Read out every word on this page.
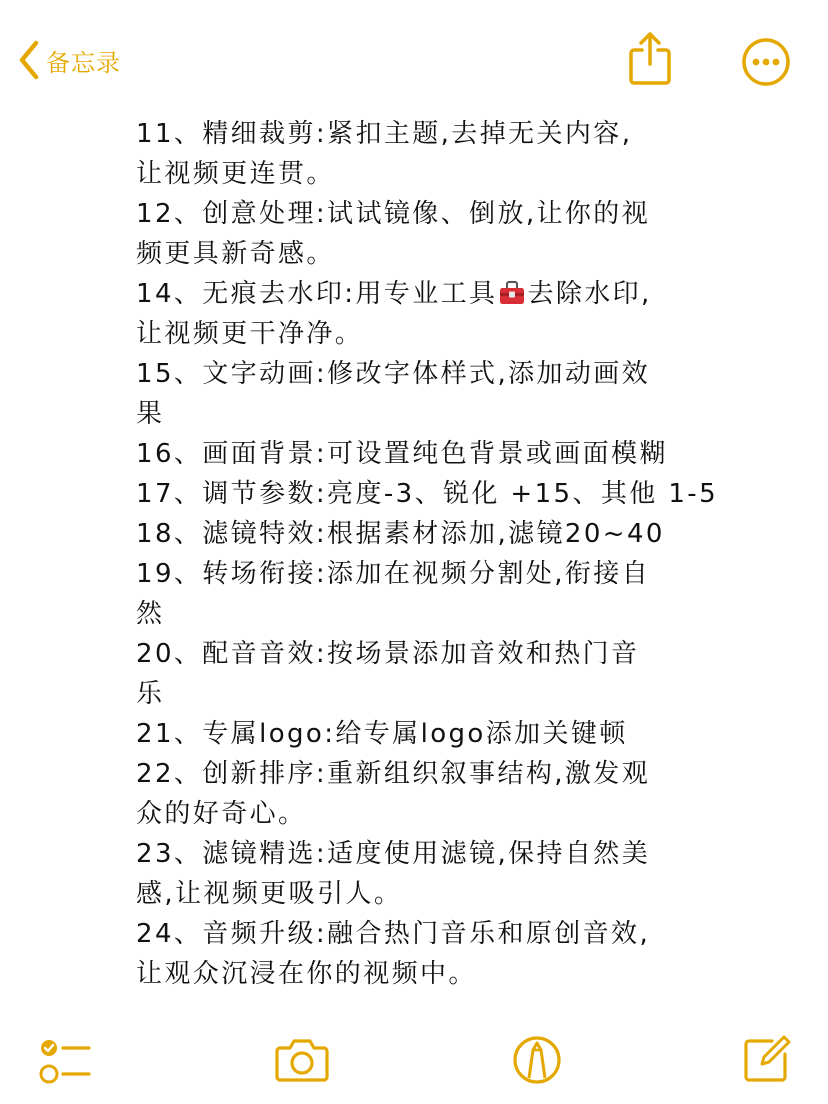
备忘录
11、精细裁剪:紧扣主题,去掉无关内容,
让视频更连贯。
12、创意处理:试试镜像、倒放,让你的视
频更具新奇感。
14、无痕去水印:用专业工具 去除水印,
让视频更干净净。
15、文字动画:修改字体样式,添加动画效
果
16、画面背景:可设置纯色背景或画面模糊
17、调节参数:亮度-3、锐化 +15、其他 1-5
18、滤镜特效:根据素材添加,滤镜20~40
19、转场衔接:添加在视频分割处,衔接自
然
20、配音音效:按场景添加音效和热门音
乐
21、专属logo:给专属logo添加关键顿
22、创新排序:重新组织叙事结构,激发观
众的好奇心。
23、滤镜精选:适度使用滤镜,保持自然美
感,让视频更吸引人。
24、音频升级:融合热门音乐和原创音效,
让观众沉浸在你的视频中。
